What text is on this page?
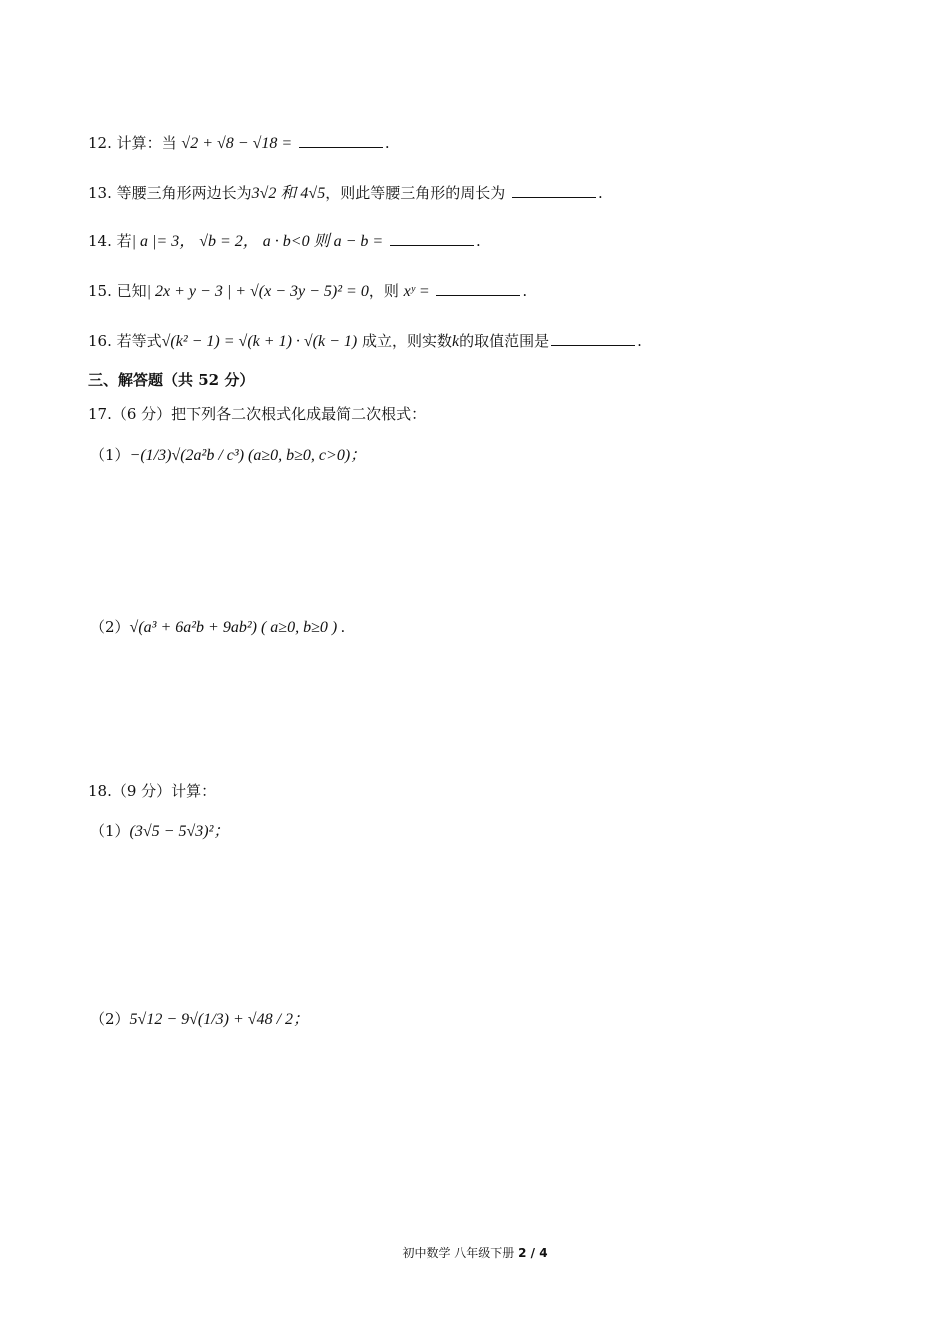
12. 计算：当 √2 + √8 − √18 =	.
13. 等腰三角形两边长为3√2 和 4√5，则此等腰三角形的周长为	.
14. 若| a |= 3， √b = 2， a · b<0 则 a − b =	.
15. 已知| 2x + y − 3 | + √(x − 3y − 5)² = 0，则 xʸ =	.
16. 若等式√(k² − 1) = √(k + 1) · √(k − 1) 成立，则实数k的取值范围是	.
三、解答题（共 52 分）
17.（6 分）把下列各二次根式化成最简二次根式：
（1）−(1/3)√(2a²b / c³) (a≥0, b≥0, c>0)；
（2）√(a³ + 6a²b + 9ab²) ( a≥0, b≥0 ) .
18.（9 分）计算：
（1）(3√5 − 5√3)²；
（2）5√12 − 9√(1/3) + √48 / 2；
初中数学 八年级下册 2 / 4
